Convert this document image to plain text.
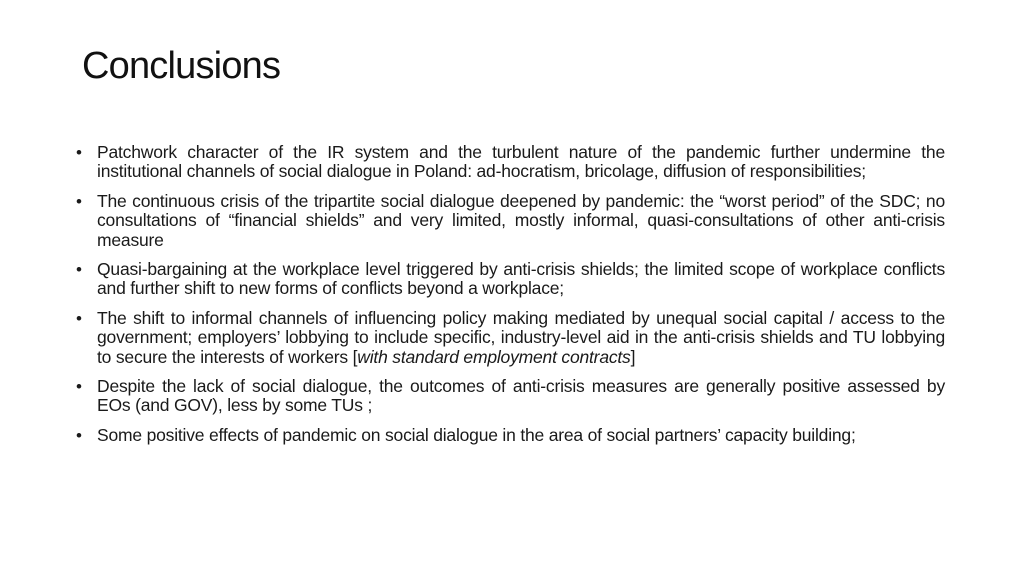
Conclusions
• Patchwork character of the IR system and the turbulent nature of the pandemic further undermine the institutional channels of social dialogue in Poland: ad-hocratism, bricolage, diffusion of responsibilities;
• The continuous crisis of the tripartite social dialogue deepened by pandemic: the “worst period” of the SDC; no consultations of “financial shields” and very limited, mostly informal, quasi-consultations of other anti-crisis measure
• Quasi-bargaining at the workplace level triggered by anti-crisis shields; the limited scope of workplace conflicts and further shift to new forms of conflicts beyond a workplace;
• The shift to informal channels of influencing policy making mediated by unequal social capital / access to the government; employers’ lobbying to include specific, industry-level aid in the anti-crisis shields and TU lobbying to secure the interests of workers [with standard employment contracts]
• Despite the lack of social dialogue, the outcomes of anti-crisis measures are generally positive assessed by EOs (and GOV), less by some TUs ;
• Some positive effects of pandemic on social dialogue in the area of social partners’ capacity building;
